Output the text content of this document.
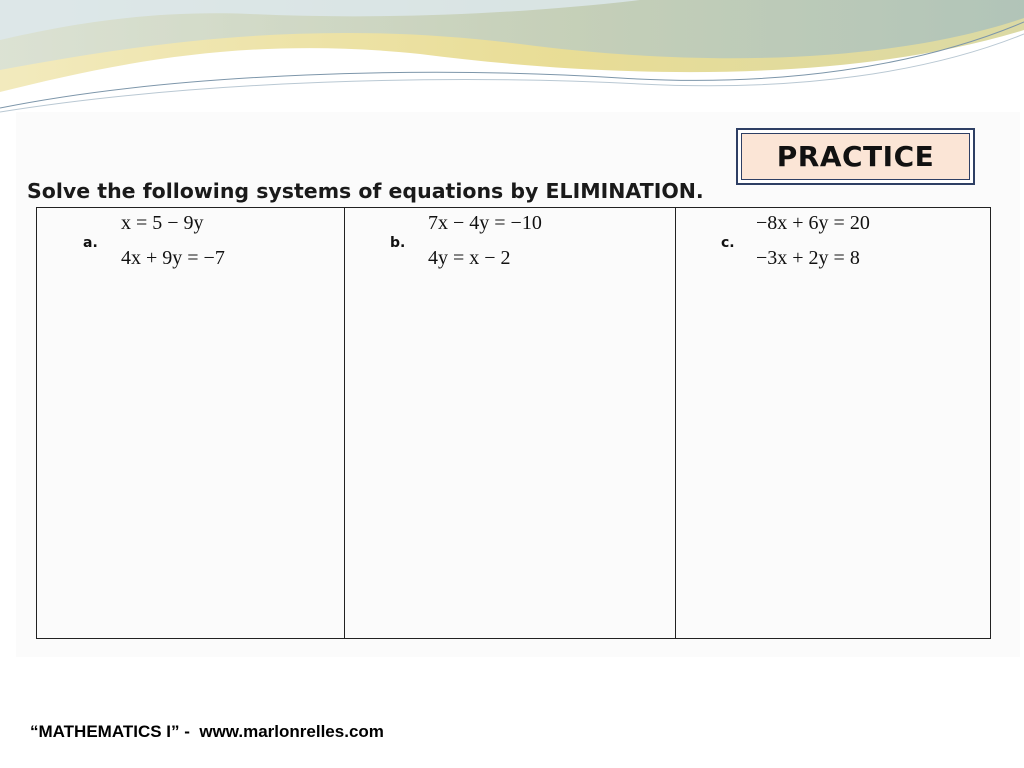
PRACTICE
Solve the following systems of equations by ELIMINATION.
a.
x = 5 − 9y
4x + 9y = −7
b.
7x − 4y = −10
4y = x − 2
c.
−8x + 6y = 20
−3x + 2y = 8
“MATHEMATICS I” -  www.marlonrelles.com
